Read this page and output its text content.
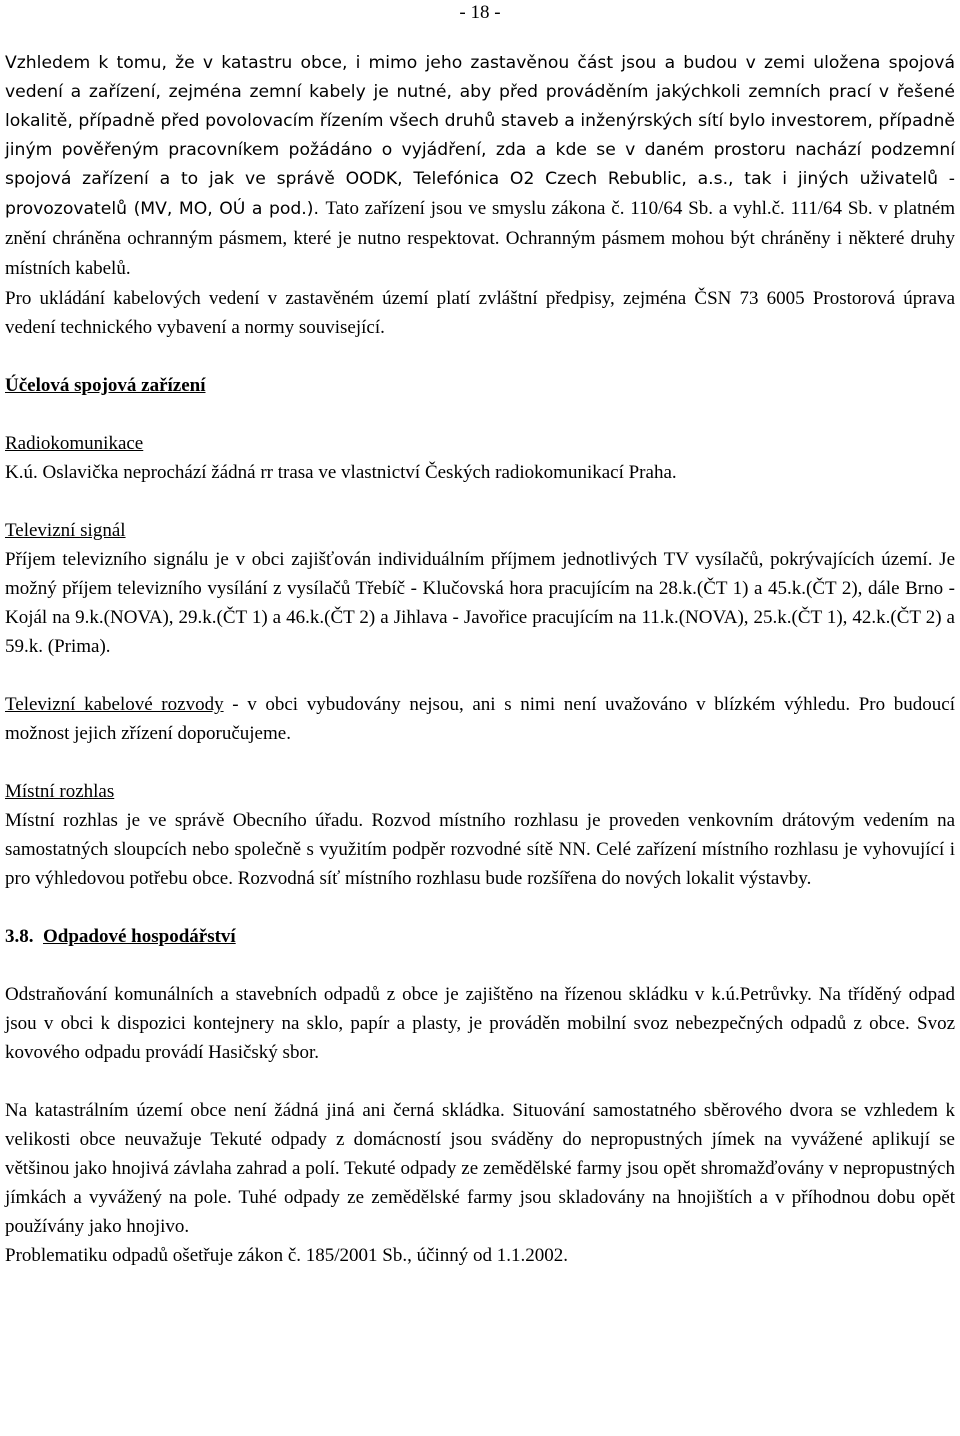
- 18 -

Vzhledem k tomu, že v katastru obce, i mimo jeho zastavěnou část jsou a budou v zemi uložena spojová vedení a zařízení, zejména zemní kabely je nutné, aby před prováděním jakýchkoli zemních prací v řešené lokalitě, případně před povolovacím řízením všech druhů staveb a inženýrských sítí bylo investorem, případně jiným pověřeným pracovníkem požádáno o vyjádření, zda a kde se v daném prostoru nachází podzemní spojová zařízení a to jak ve správě OODK, Telefónica O2 Czech Rebublic, a.s., tak i jiných uživatelů - provozovatelů (MV, MO, OÚ a pod.). Tato zařízení jsou ve smyslu zákona č. 110/64 Sb. a vyhl.č. 111/64 Sb. v platném znění chráněna ochranným pásmem, které je nutno respektovat. Ochranným pásmem mohou být chráněny i některé druhy místních kabelů.

Pro ukládání kabelových vedení v zastavěném území platí zvláštní předpisy, zejména ČSN 73 6005 Prostorová úprava vedení technického vybavení a normy související.

Účelová spojová zařízení

Radiokomunikace

K.ú. Oslavička neprochází žádná rr trasa ve vlastnictví Českých radiokomunikací Praha.

Televizní signál

Příjem televizního signálu je v obci zajišťován individuálním příjmem jednotlivých TV vysílačů, pokrývajících území. Je možný příjem televizního vysílání z vysílačů Třebíč - Klučovská hora pracujícím na 28.k.(ČT 1) a 45.k.(ČT 2), dále Brno - Kojál na 9.k.(NOVA), 29.k.(ČT 1) a 46.k.(ČT 2) a Jihlava - Javořice pracujícím na 11.k.(NOVA), 25.k.(ČT 1), 42.k.(ČT 2) a 59.k. (Prima).

Televizní kabelové rozvody - v obci vybudovány nejsou, ani s nimi není uvažováno v blízkém výhledu. Pro budoucí možnost jejich zřízení doporučujeme.

Místní rozhlas

Místní rozhlas je ve správě Obecního úřadu. Rozvod místního rozhlasu je proveden venkovním drátovým vedením na samostatných sloupcích nebo společně s využitím podpěr rozvodné sítě NN. Celé zařízení místního rozhlasu je vyhovující i pro výhledovou potřebu obce. Rozvodná síť místního rozhlasu bude rozšířena do nových lokalit výstavby.

3.8. Odpadové hospodářství

Odstraňování komunálních a stavebních odpadů z obce je zajištěno na řízenou skládku v k.ú.Petrůvky. Na tříděný odpad jsou v obci k dispozici kontejnery na sklo, papír a plasty, je prováděn mobilní svoz nebezpečných odpadů z obce. Svoz kovového odpadu provádí Hasičský sbor.

Na katastrálním území obce není žádná jiná ani černá skládka. Situování samostatného sběrového dvora se vzhledem k velikosti obce neuvažuje Tekuté odpady z domácností jsou sváděny do nepropustných jímek na vyvážené aplikují se většinou jako hnojivá závlaha zahrad a polí. Tekuté odpady ze zemědělské farmy jsou opět shromažďovány v nepropustných jímkách a vyvážený na pole. Tuhé odpady ze zemědělské farmy jsou skladovány na hnojištích a v příhodnou dobu opět používány jako hnojivo.

Problematiku odpadů ošetřuje zákon č. 185/2001 Sb., účinný od 1.1.2002.
